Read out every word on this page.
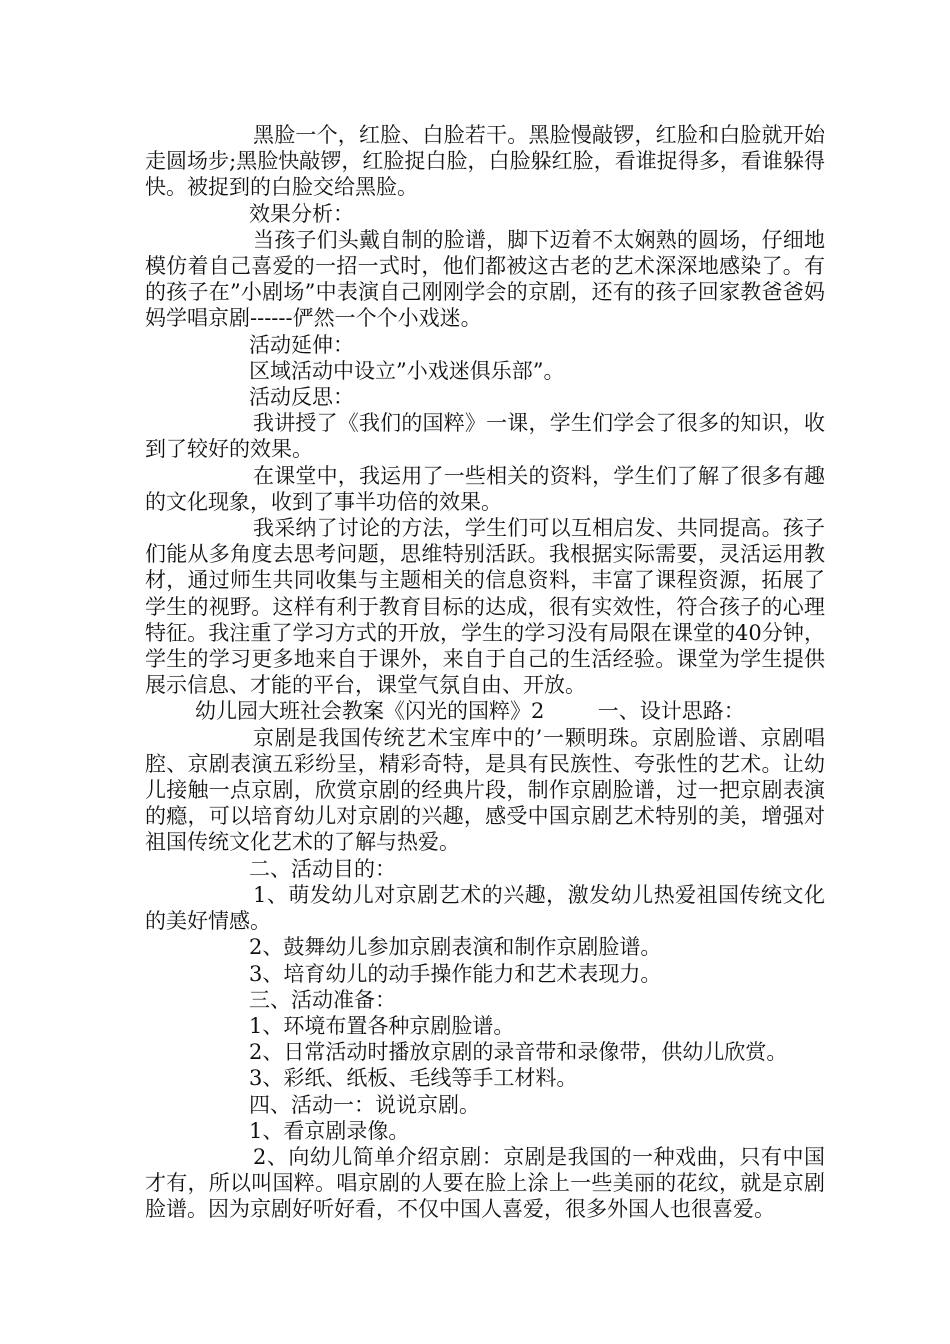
黑脸一个，红脸、白脸若干。黑脸慢敲锣，红脸和白脸就开始走圆场步;黑脸快敲锣，红脸捉白脸，白脸躲红脸，看谁捉得多，看谁躲得快。被捉到的白脸交给黑脸。

效果分析：

当孩子们头戴自制的脸谱，脚下迈着不太娴熟的圆场，仔细地模仿着自己喜爱的一招一式时，他们都被这古老的艺术深深地感染了。有的孩子在”小剧场”中表演自己刚刚学会的京剧，还有的孩子回家教爸爸妈妈学唱京剧------俨然一个个小戏迷。

活动延伸：

区域活动中设立”小戏迷俱乐部”。

活动反思：

我讲授了《我们的国粹》一课，学生们学会了很多的知识，收到了较好的效果。

在课堂中，我运用了一些相关的资料，学生们了解了很多有趣的文化现象，收到了事半功倍的效果。

我采纳了讨论的方法，学生们可以互相启发、共同提高。孩子们能从多角度去思考问题，思维特别活跃。我根据实际需要，灵活运用教材，通过师生共同收集与主题相关的信息资料，丰富了课程资源，拓展了学生的视野。这样有利于教育目标的达成，很有实效性，符合孩子的心理特征。我注重了学习方式的开放，学生的学习没有局限在课堂的40分钟，学生的学习更多地来自于课外，来自于自己的生活经验。课堂为学生提供展示信息、才能的平台，课堂气氛自由、开放。

幼儿园大班社会教案《闪光的国粹》2        一、设计思路：

京剧是我国传统艺术宝库中的’一颗明珠。京剧脸谱、京剧唱腔、京剧表演五彩纷呈，精彩奇特，是具有民族性、夸张性的艺术。让幼儿接触一点京剧，欣赏京剧的经典片段，制作京剧脸谱，过一把京剧表演的瘾，可以培育幼儿对京剧的兴趣，感受中国京剧艺术特别的美，增强对祖国传统文化艺术的了解与热爱。

二、活动目的：

1、萌发幼儿对京剧艺术的兴趣，激发幼儿热爱祖国传统文化的美好情感。

2、鼓舞幼儿参加京剧表演和制作京剧脸谱。

3、培育幼儿的动手操作能力和艺术表现力。

三、活动准备：

1、环境布置各种京剧脸谱。

2、日常活动时播放京剧的录音带和录像带，供幼儿欣赏。

3、彩纸、纸板、毛线等手工材料。

四、活动一：说说京剧。

1、看京剧录像。

2、向幼儿简单介绍京剧：京剧是我国的一种戏曲，只有中国才有，所以叫国粹。唱京剧的人要在脸上涂上一些美丽的花纹，就是京剧脸谱。因为京剧好听好看，不仅中国人喜爱，很多外国人也很喜爱。
